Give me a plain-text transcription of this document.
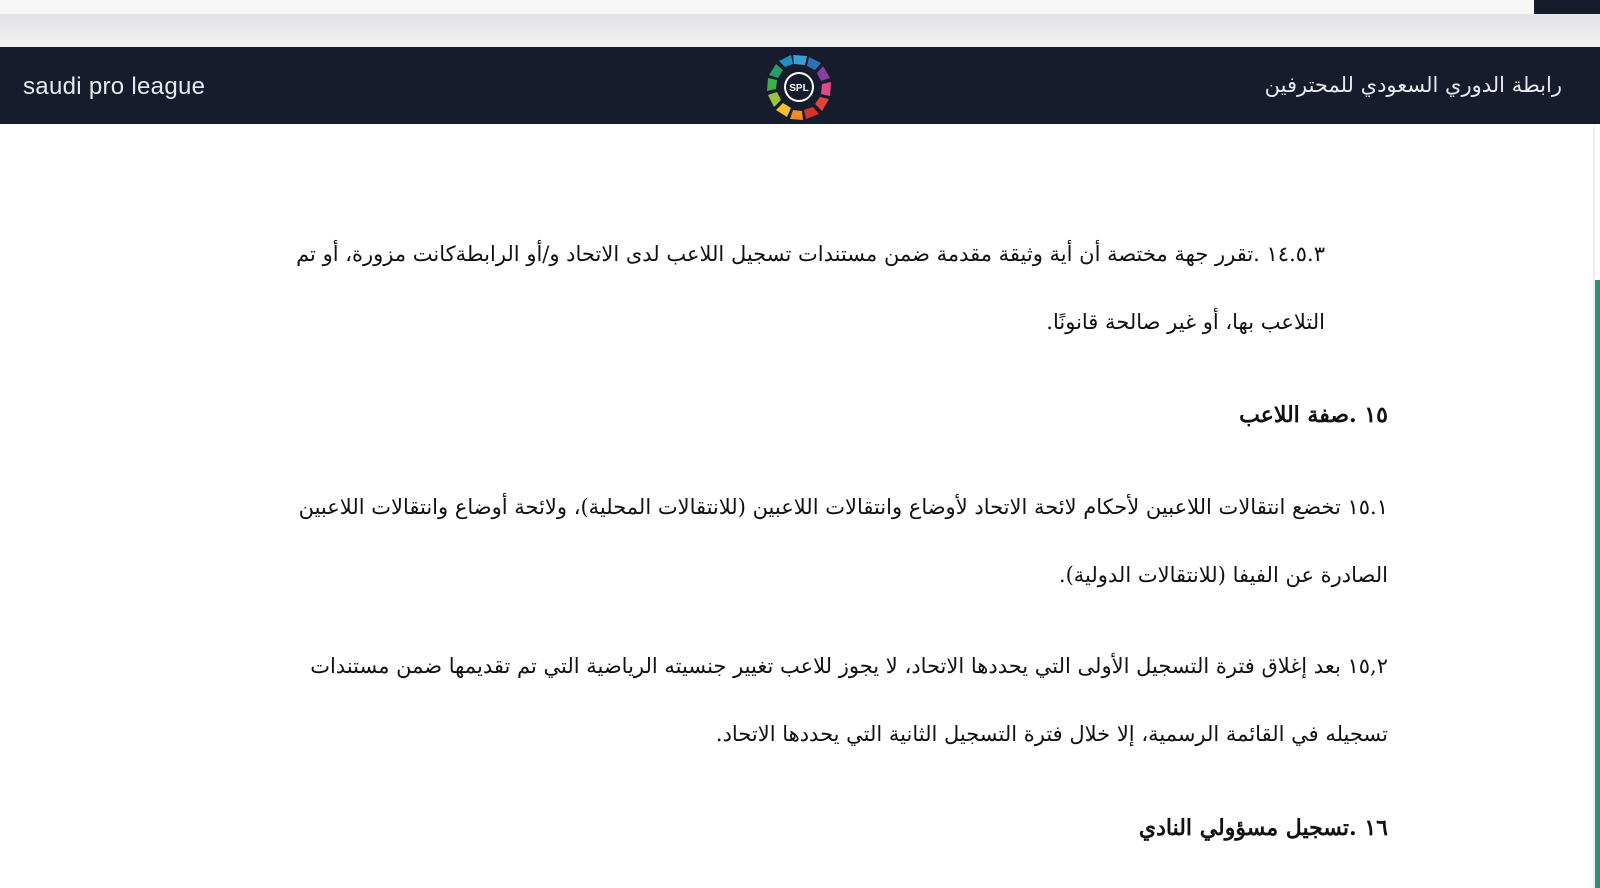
saudi pro league	SPL	رابطة الدوري السعودي للمحترفين
١٤.٥.٣ .تقرر جهة مختصة أن أية وثيقة مقدمة ضمن مستندات تسجيل اللاعب لدى الاتحاد و/أو الرابطةكانت مزورة، أو تم
التلاعب بها، أو غير صالحة قانونًا.
١٥ .صفة اللاعب
١٥.١ تخضع انتقالات اللاعبين لأحكام لائحة الاتحاد لأوضاع وانتقالات اللاعبين (للانتقالات المحلية)، ولائحة أوضاع وانتقالات اللاعبين
الصادرة عن الفيفا (للانتقالات الدولية).
١٥,٢ بعد إغلاق فترة التسجيل الأولى التي يحددها الاتحاد، لا يجوز للاعب تغيير جنسيته الرياضية التي تم تقديمها ضمن مستندات
تسجيله في القائمة الرسمية، إلا خلال فترة التسجيل الثانية التي يحددها الاتحاد.
١٦ .تسجيل مسؤولي النادي
